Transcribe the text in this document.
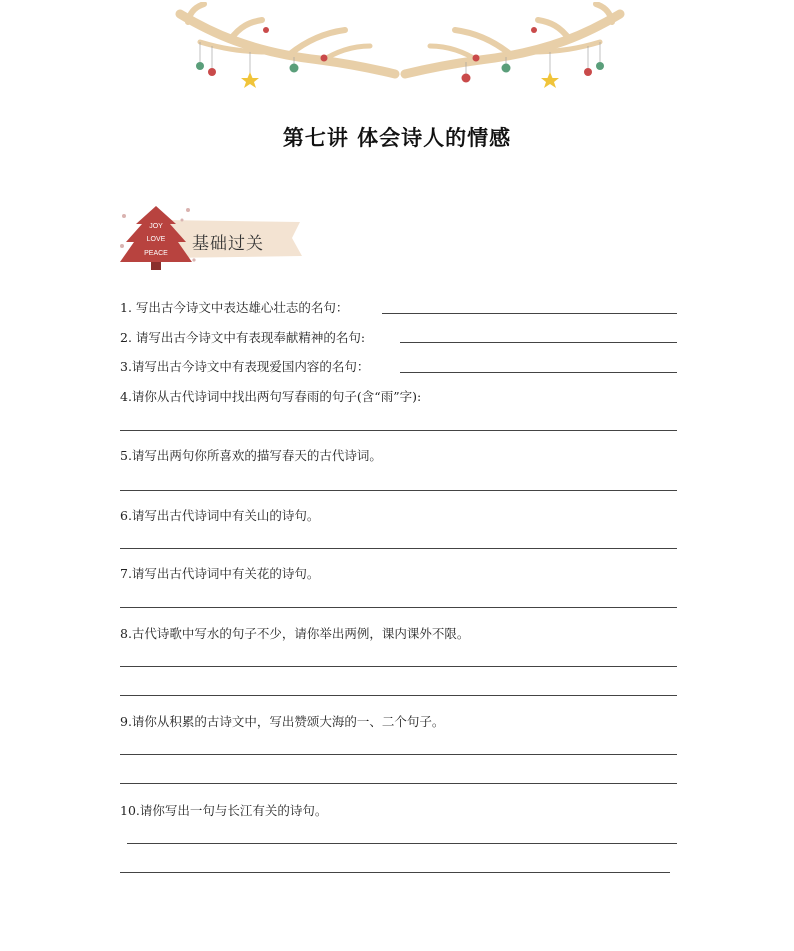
第七讲 体会诗人的情感
JOY
LOVE
PEACE 基础过关
1. 写出古今诗文中表达雄心壮志的名句：
2. 请写出古今诗文中有表现奉献精神的名句:
3.请写出古今诗文中有表现爱国内容的名句：
4.请你从古代诗词中找出两句写春雨的句子(含“雨”字):
5.请写出两句你所喜欢的描写春天的古代诗词。
6.请写出古代诗词中有关山的诗句。
7.请写出古代诗词中有关花的诗句。
8.古代诗歌中写水的句子不少，请你举出两例，课内课外不限。
9.请你从积累的古诗文中，写出赞颂大海的一、二个句子。
10.请你写出一句与长江有关的诗句。
